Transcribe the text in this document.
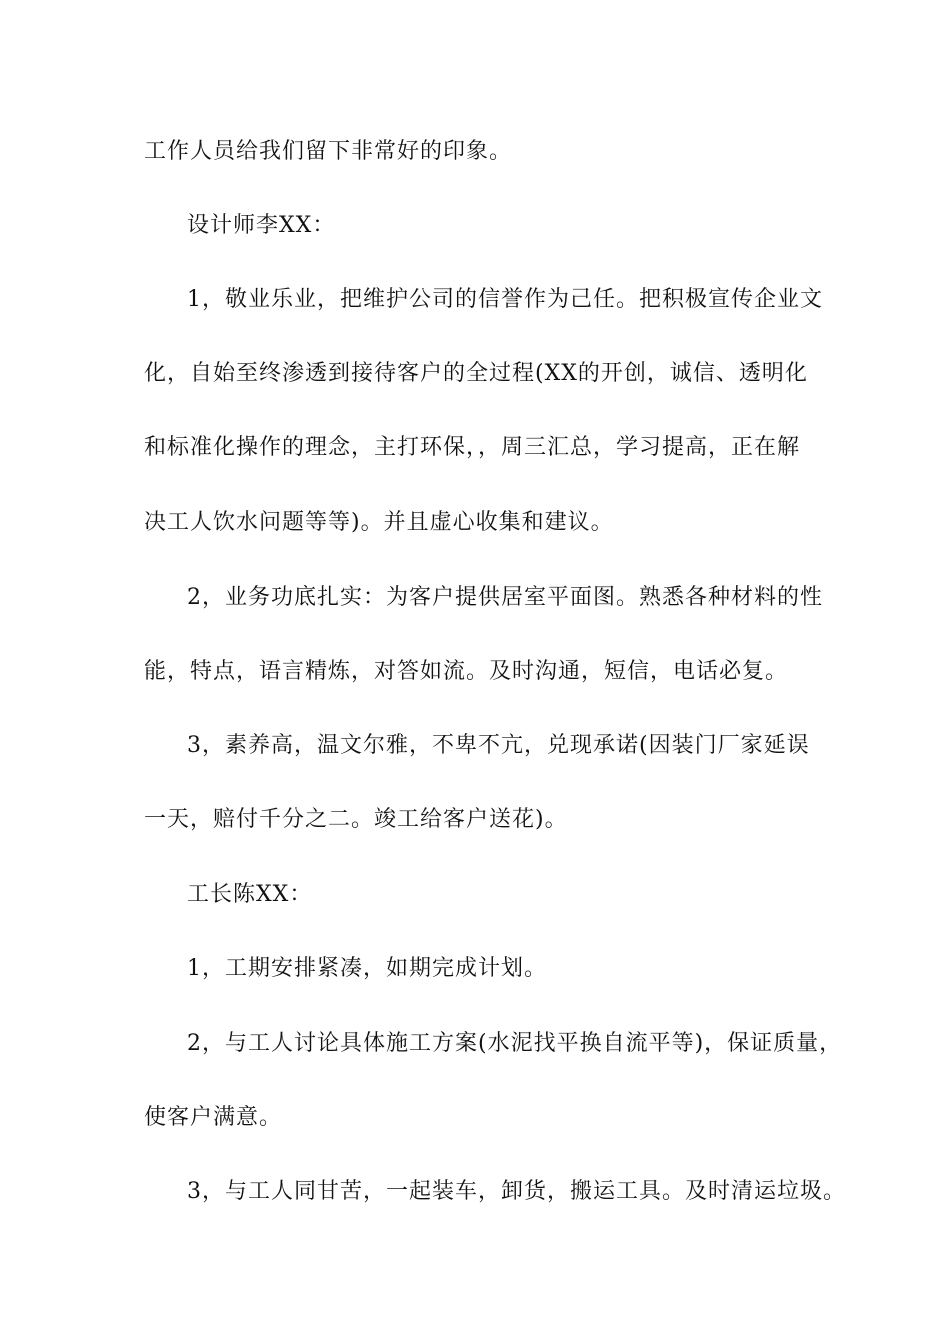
工作人员给我们留下非常好的印象。
设计师李XX：
1，敬业乐业，把维护公司的信誉作为己任。把积极宣传企业文
化，自始至终渗透到接待客户的全过程(XX的开创，诚信、透明化
和标准化操作的理念，主打环保，，周三汇总，学习提高，正在解
决工人饮水问题等等)。并且虚心收集和建议。
2，业务功底扎实：为客户提供居室平面图。熟悉各种材料的性
能，特点，语言精炼，对答如流。及时沟通，短信，电话必复。
3，素养高，温文尔雅，不卑不亢，兑现承诺(因装门厂家延误
一天，赔付千分之二。竣工给客户送花)。
工长陈XX：
1，工期安排紧凑，如期完成计划。
2，与工人讨论具体施工方案(水泥找平换自流平等)，保证质量，
使客户满意。
3，与工人同甘苦，一起装车，卸货，搬运工具。及时清运垃圾。
